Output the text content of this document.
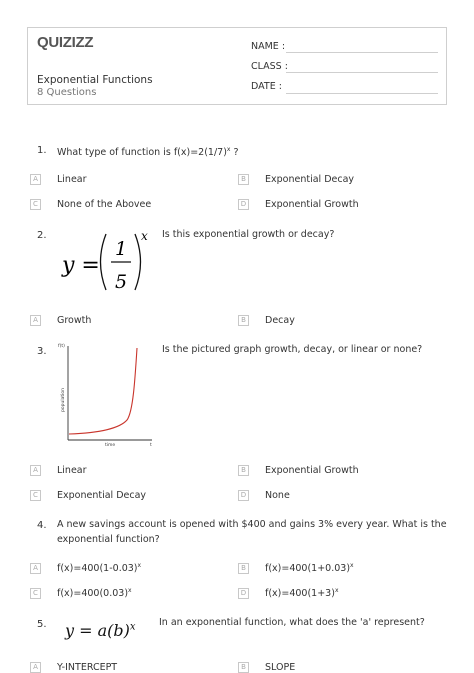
QUIZIZZ
Exponential Functions
8 Questions
NAME :
CLASS :
DATE :
1. What type of function is $f(x)=2(1/7)^x$ ?
A	Linear	B	Exponential Decay
C	None of the Abovee	D Exponential Growth
2.
y =
1
5
x Is this exponential growth or decay?
A	Growth	B	Decay
3.	f(t)
population
time	t
Is the pictured graph growth, decay, or linear or none?
A	Linear	B	Exponential Growth
C	Exponential Decay	D None
4. A new savings account is opened with $400 and gains 3% every year. What is the
exponential function?
A	$f(x)=400(1-0.03)^x$	B	$f(x)=400(1+0.03)^x$
C	$f(x)=400(0.03)^x$	D $f(x)=400(1+3)^x$
5. $y = a(b)^x$ In an exponential function, what does the 'a' represent?
A	Y-INTERCEPT	B	SLOPE
